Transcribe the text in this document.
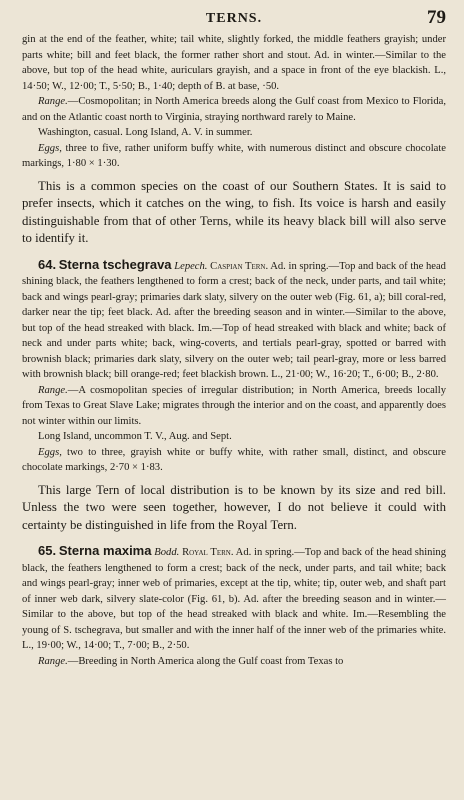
TERNS.	79

gin at the end of the feather, white; tail white, slightly forked, the middle feathers grayish; under parts white; bill and feet black, the former rather short and stout. Ad. in winter.—Similar to the above, but top of the head white, auriculars grayish, and a space in front of the eye blackish. L., 14·50; W., 12·00; T., 5·50; B., 1·40; depth of B. at base, ·50.

Range.—Cosmopolitan; in North America breeds along the Gulf coast from Mexico to Florida, and on the Atlantic coast north to Virginia, straying northward rarely to Maine.

Washington, casual. Long Island, A. V. in summer.

Eggs, three to five, rather uniform buffy white, with numerous distinct and obscure chocolate markings, 1·80 × 1·30.

This is a common species on the coast of our Southern States. It is said to prefer insects, which it catches on the wing, to fish. Its voice is harsh and easily distinguishable from that of other Terns, while its heavy black bill will also serve to identify it.

64. Sterna tschegrava Lepech. Caspian Tern. Ad. in spring.—Top and back of the head shining black, the feathers lengthened to form a crest; back of the neck, under parts, and tail white; back and wings pearl-gray; primaries dark slaty, silvery on the outer web (Fig. 61, a); bill coral-red, darker near the tip; feet black. Ad. after the breeding season and in winter.—Similar to the above, but top of the head streaked with black. Im.—Top of head streaked with black and white; back of neck and under parts white; back, wing-coverts, and tertials pearl-gray, spotted or barred with brownish black; primaries dark slaty, silvery on the outer web; tail pearl-gray, more or less barred with brownish black; bill orange-red; feet blackish brown. L., 21·00; W., 16·20; T., 6·00; B., 2·80.

Range.—A cosmopolitan species of irregular distribution; in North America, breeds locally from Texas to Great Slave Lake; migrates through the interior and on the coast, and apparently does not winter within our limits.

Long Island, uncommon T. V., Aug. and Sept.

Eggs, two to three, grayish white or buffy white, with rather small, distinct, and obscure chocolate markings, 2·70 × 1·83.

This large Tern of local distribution is to be known by its size and red bill. Unless the two were seen together, however, I do not believe it could with certainty be distinguished in life from the Royal Tern.

65. Sterna maxima Bodd. Royal Tern. Ad. in spring.—Top and back of the head shining black, the feathers lengthened to form a crest; back of the neck, under parts, and tail white; back and wings pearl-gray; inner web of primaries, except at the tip, white; tip, outer web, and shaft part of inner web dark, silvery slate-color (Fig. 61, b). Ad. after the breeding season and in winter.—Similar to the above, but top of the head streaked with black and white. Im.—Resembling the young of S. tschegrava, but smaller and with the inner half of the inner web of the primaries white. L., 19·00; W., 14·00; T., 7·00; B., 2·50.

Range.—Breeding in North America along the Gulf coast from Texas to
